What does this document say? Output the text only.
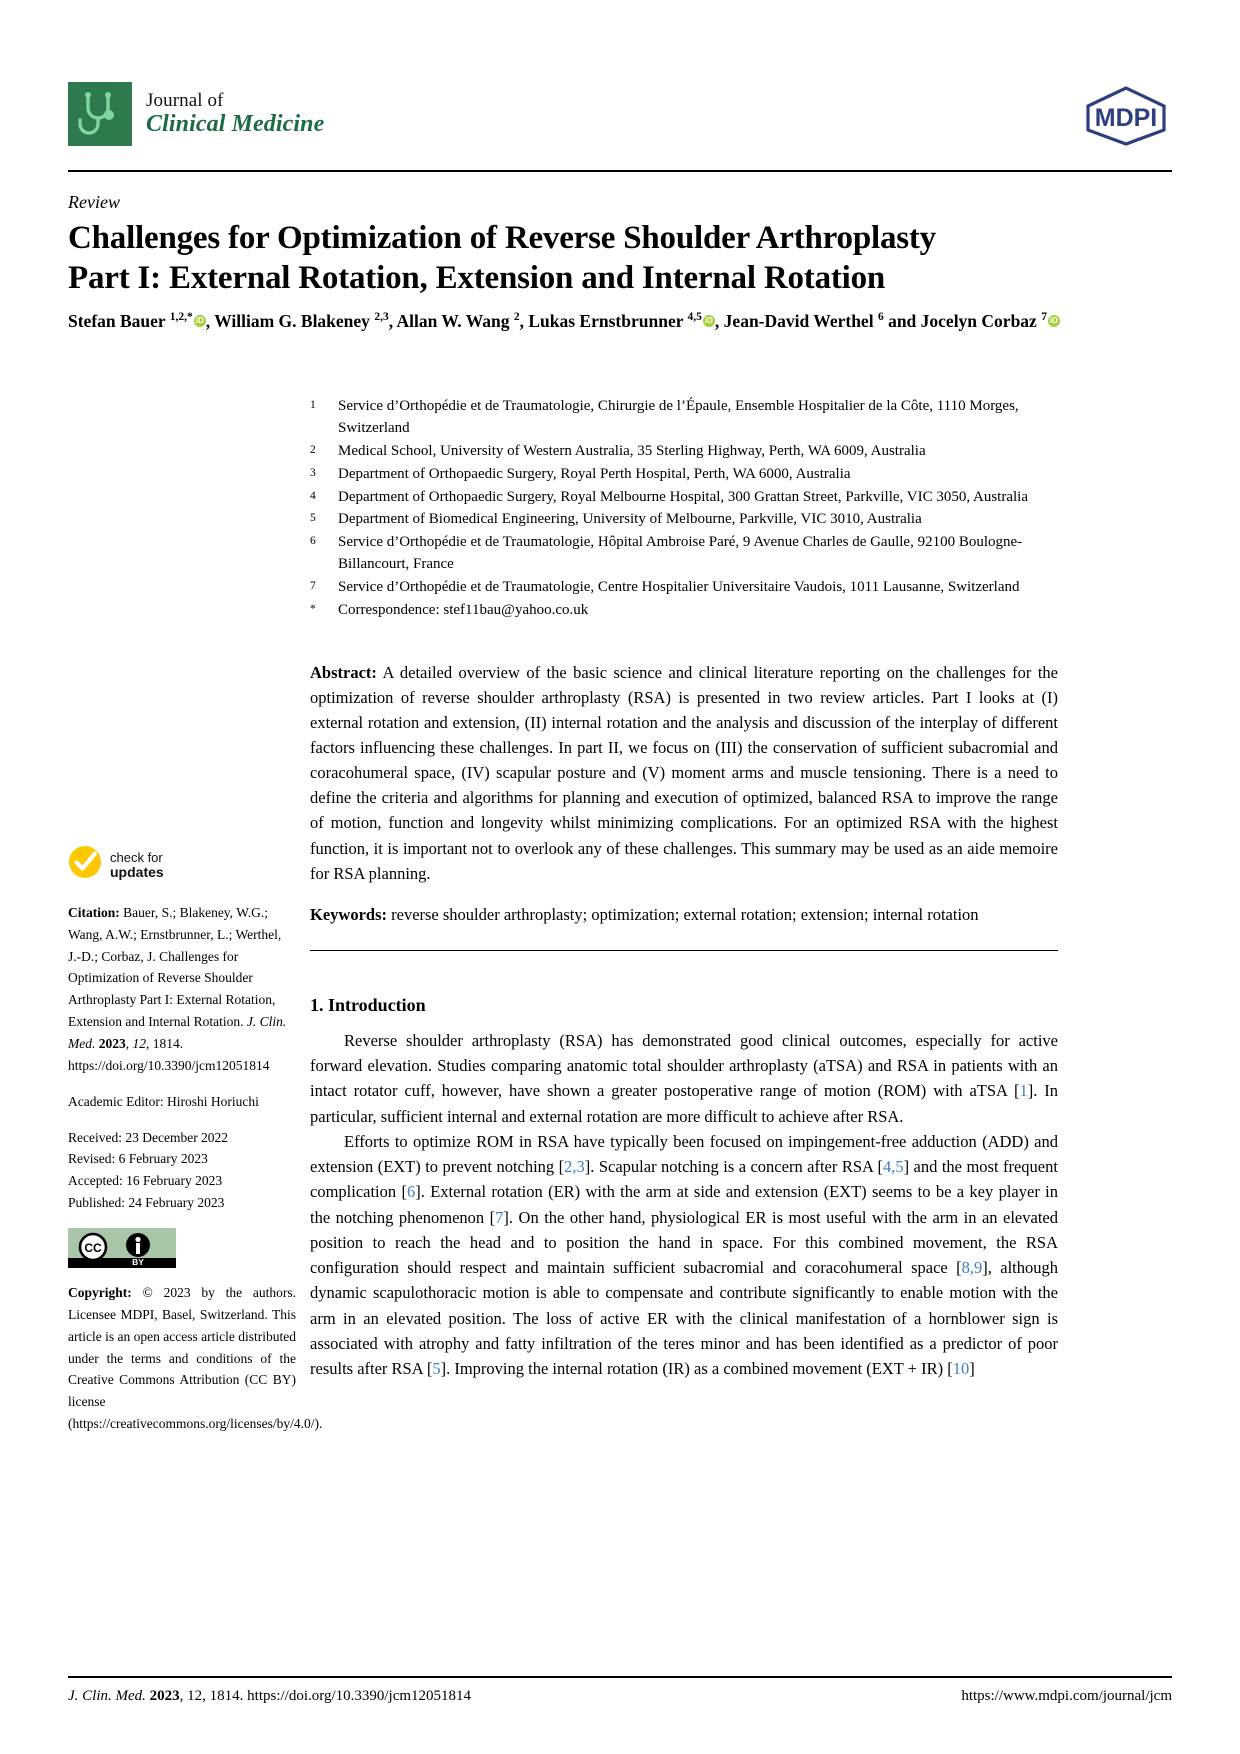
Journal of
Clinical Medicine	MDPI
Review
Challenges for Optimization of Reverse Shoulder Arthroplasty
Part I: External Rotation, Extension and Internal Rotation
Stefan Bauer $^{1,2,*}$ iD , William G. Blakeney $^{2,3}$, Allan W. Wang $^2$, Lukas Ernstbrunner $^{4,5}$ iD , Jean-David Werthel $^6$ and Jocelyn Corbaz $^7$ iD
1	Service d’Orthopédie et de Traumatologie, Chirurgie de l’Épaule, Ensemble Hospitalier de la Côte, 1110 Morges, Switzerland
2	Medical School, University of Western Australia, 35 Sterling Highway, Perth, WA 6009, Australia
3	Department of Orthopaedic Surgery, Royal Perth Hospital, Perth, WA 6000, Australia
4	Department of Orthopaedic Surgery, Royal Melbourne Hospital, 300 Grattan Street, Parkville, VIC 3050, Australia
5	Department of Biomedical Engineering, University of Melbourne, Parkville, VIC 3010, Australia
6	Service d’Orthopédie et de Traumatologie, Hôpital Ambroise Paré, 9 Avenue Charles de Gaulle, 92100 Boulogne-Billancourt, France
7	Service d’Orthopédie et de Traumatologie, Centre Hospitalier Universitaire Vaudois, 1011 Lausanne, Switzerland
*	Correspondence: stef11bau@yahoo.co.uk
Abstract: A detailed overview of the basic science and clinical literature reporting on the challenges for the optimization of reverse shoulder arthroplasty (RSA) is presented in two review articles. Part I looks at (I) external rotation and extension, (II) internal rotation and the analysis and discussion of the interplay of different factors influencing these challenges. In part II, we focus on (III) the conservation of sufficient subacromial and coracohumeral space, (IV) scapular posture and (V) moment arms and muscle tensioning. There is a need to define the criteria and algorithms for planning and execution of optimized, balanced RSA to improve the range of motion, function and longevity whilst minimizing complications. For an optimized RSA with the highest function, it is important not to overlook any of these challenges. This summary may be used as an aide memoire for RSA planning.
Keywords: reverse shoulder arthroplasty; optimization; external rotation; extension; internal rotation
1. Introduction

Reverse shoulder arthroplasty (RSA) has demonstrated good clinical outcomes, especially for active forward elevation. Studies comparing anatomic total shoulder arthroplasty (aTSA) and RSA in patients with an intact rotator cuff, however, have shown a greater postoperative range of motion (ROM) with aTSA [1]. In particular, sufficient internal and external rotation are more difficult to achieve after RSA.

Efforts to optimize ROM in RSA have typically been focused on impingement-free adduction (ADD) and extension (EXT) to prevent notching [2,3]. Scapular notching is a concern after RSA [4,5] and the most frequent complication [6]. External rotation (ER) with the arm at side and extension (EXT) seems to be a key player in the notching phenomenon [7]. On the other hand, physiological ER is most useful with the arm in an elevated position to reach the head and to position the hand in space. For this combined movement, the RSA configuration should respect and maintain sufficient subacromial and coracohumeral space [8,9], although dynamic scapulothoracic motion is able to compensate and contribute significantly to enable motion with the arm in an elevated position. The loss of active ER with the clinical manifestation of a hornblower sign is associated with atrophy and fatty infiltration of the teres minor and has been identified as a predictor of poor results after RSA [5]. Improving the internal rotation (IR) as a combined movement (EXT + IR) [10]

check for
updates

Citation: Bauer, S.; Blakeney, W.G.; Wang, A.W.; Ernstbrunner, L.; Werthel, J.-D.; Corbaz, J. Challenges for Optimization of Reverse Shoulder Arthroplasty Part I: External Rotation, Extension and Internal Rotation. J. Clin. Med. 2023, 12, 1814. https://doi.org/10.3390/jcm12051814

Academic Editor: Hiroshi Horiuchi

Received: 23 December 2022
Revised: 6 February 2023
Accepted: 16 February 2023
Published: 24 February 2023

CC
BY

Copyright: © 2023 by the authors. Licensee MDPI, Basel, Switzerland. This article is an open access article distributed under the terms and conditions of the Creative Commons Attribution (CC BY) license (https://creativecommons.org/licenses/by/4.0/).

J. Clin. Med. 2023, 12, 1814. https://doi.org/10.3390/jcm12051814	https://www.mdpi.com/journal/jcm
